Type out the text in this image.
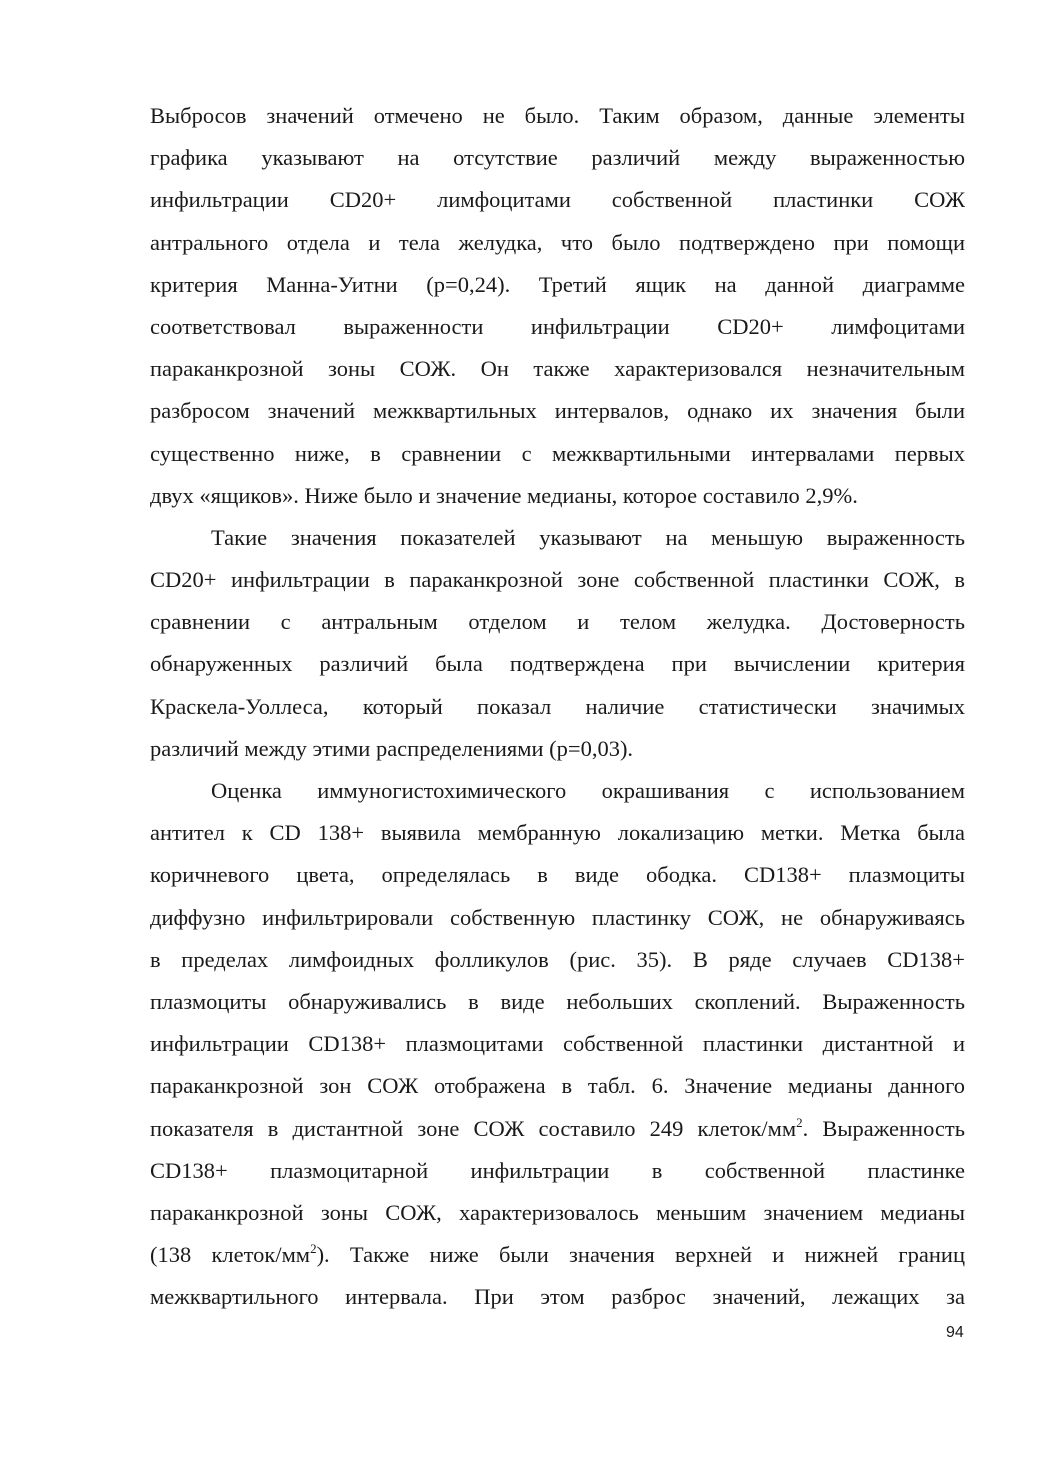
Выбросов значений отмечено не было. Таким образом, данные элементы
графика указывают на отсутствие различий между выраженностью
инфильтрации CD20+ лимфоцитами собственной пластинки СОЖ
антрального отдела и тела желудка, что было подтверждено при помощи
критерия Манна-Уитни (р=0,24). Третий ящик на данной диаграмме
соответствовал выраженности инфильтрации CD20+ лимфоцитами
параканкрозной зоны СОЖ. Он также характеризовался незначительным
разбросом значений межквартильных интервалов, однако их значения были
существенно ниже, в сравнении с межквартильными интервалами первых
двух «ящиков». Ниже было и значение медианы, которое составило 2,9%.
Такие значения показателей указывают на меньшую выраженность
CD20+ инфильтрации в параканкрозной зоне собственной пластинки СОЖ, в
сравнении с антральным отделом и телом желудка. Достоверность
обнаруженных различий была подтверждена при вычислении критерия
Краскела-Уоллеса, который показал наличие статистически значимых
различий между этими распределениями (р=0,03).
Оценка иммуногистохимического окрашивания с использованием
антител к CD 138+ выявила мембранную локализацию метки. Метка была
коричневого цвета, определялась в виде ободка. CD138+ плазмоциты
диффузно инфильтрировали собственную пластинку СОЖ, не обнаруживаясь
в пределах лимфоидных фолликулов (рис. 35). В ряде случаев CD138+
плазмоциты обнаруживались в виде небольших скоплений. Выраженность
инфильтрации CD138+ плазмоцитами собственной пластинки дистантной и
параканкрозной зон СОЖ отображена в табл. 6. Значение медианы данного
показателя в дистантной зоне СОЖ составило 249 клеток/$мм^2$. Выраженность
CD138+ плазмоцитарной инфильтрации в собственной пластинке
параканкрозной зоны СОЖ, характеризовалось меньшим значением медианы
(138 клеток/$мм^2$). Также ниже были значения верхней и нижней границ
межквартильного интервала. При этом разброс значений, лежащих за
94
